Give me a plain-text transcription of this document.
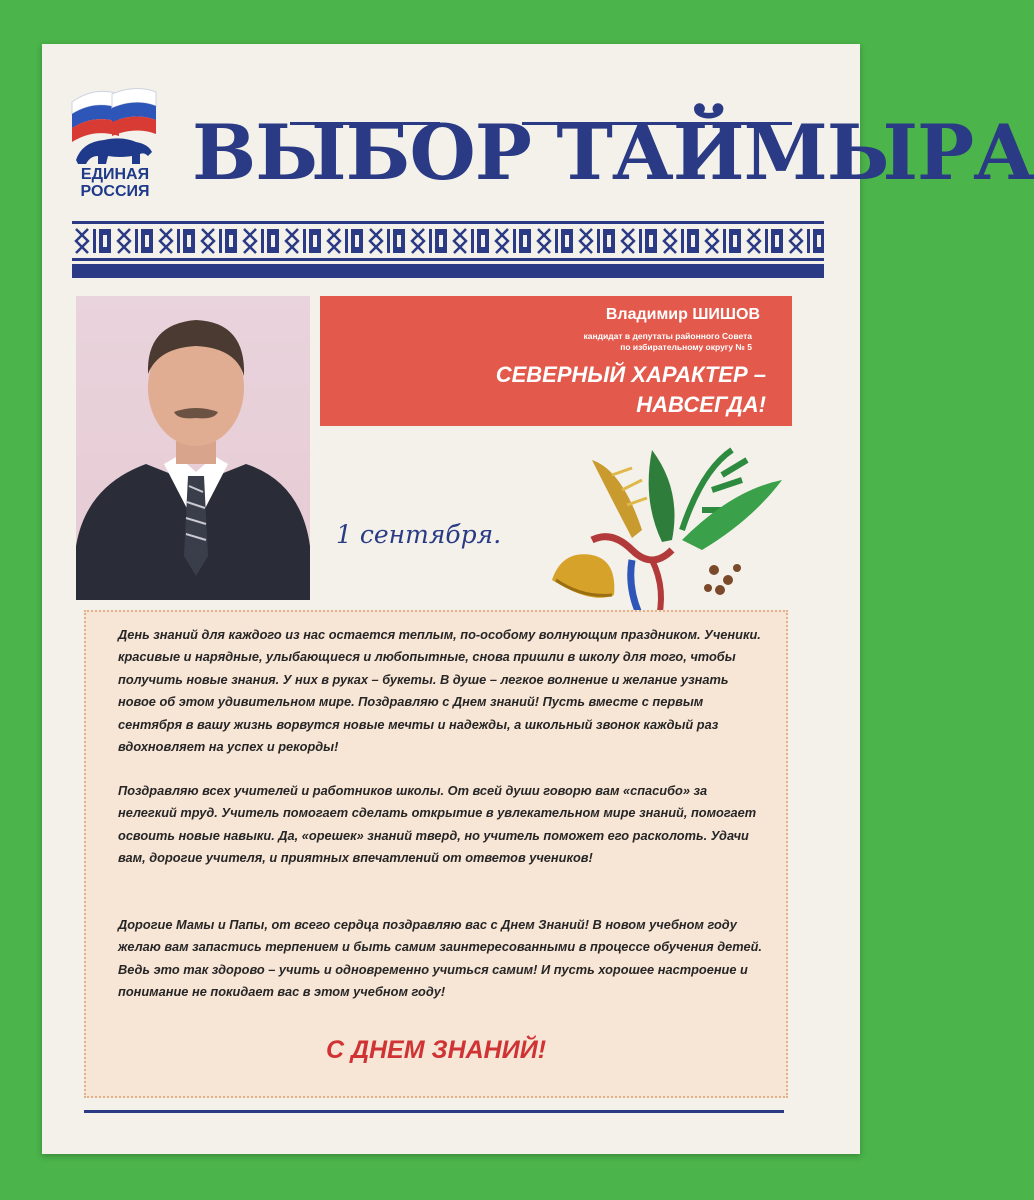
ЕДИНАЯ
РОССИЯ ВЫБОР ТАЙМЫРА
Владимир ШИШОВ
кандидат в депутаты районного Совета
по избирательному округу № 5
СЕВЕРНЫЙ ХАРАКТЕР –
НАВСЕГДА!
1 сентября.
День знаний для каждого из нас остается теплым, по-особому волнующим праздником. Ученики. красивые и нарядные, улыбающиеся и любопытные, снова пришли в школу для того, чтобы получить новые знания. У них в руках – букеты. В душе – легкое волнение и желание узнать новое об этом удивительном мире. Поздравляю с Днем знаний! Пусть вместе с первым сентября в вашу жизнь ворвутся новые мечты и надежды, а школьный звонок каждый раз вдохновляет на успех и рекорды!
Поздравляю всех учителей и работников школы. От всей души говорю вам «спасибо» за нелегкий труд. Учитель помогает сделать открытие в увлекательном мире знаний, помогает освоить новые навыки. Да, «орешек» знаний тверд, но учитель поможет его расколоть. Удачи вам, дорогие учителя, и приятных впечатлений от ответов учеников!
Дорогие Мамы и Папы, от всего сердца поздравляю вас с Днем Знаний! В новом учебном году желаю вам запастись терпением и быть самим заинтересованными в процессе обучения детей. Ведь это так здорово – учить и одновременно учиться самим! И пусть хорошее настроение и понимание не покидает вас в этом учебном году!
С ДНЕМ ЗНАНИЙ!
